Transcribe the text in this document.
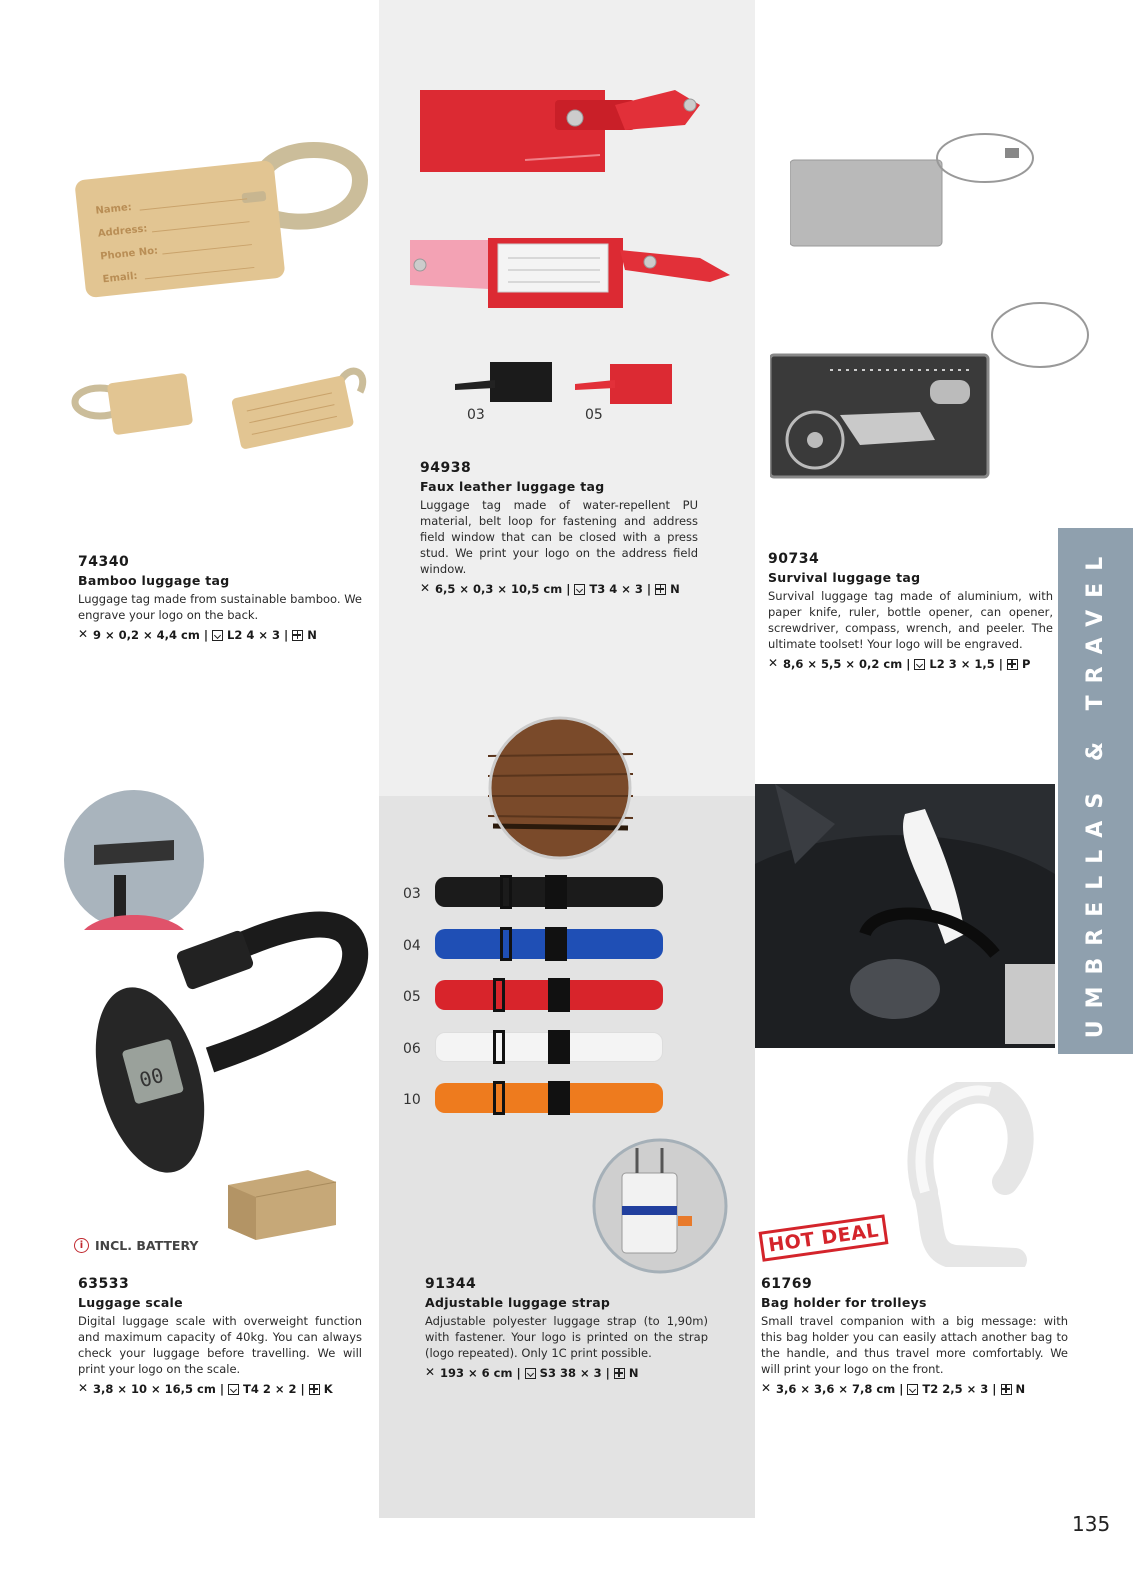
Name:
Address:
Phone No:
Email:
03	05
00
03
04
05
06
10
74340
Bamboo luggage tag
Luggage tag made from sustainable bamboo. We engrave your logo on the back.
✕
9 × 0,2 × 4,4 cm | L2 4 × 3 | N
94938
Faux leather luggage tag
Luggage tag made of water-repellent PU material, belt loop for fastening and address field window that can be closed with a press stud. We print your logo on the address field window.
✕
6,5 × 0,3 × 10,5 cm | T3 4 × 3 | N
90734
Survival luggage tag
Survival luggage tag made of aluminium, with paper knife, ruler, bottle opener, can opener, screwdriver, compass, wrench, and peeler. The ultimate toolset! Your logo will be engraved.
✕
8,6 × 5,5 × 0,2 cm | L2 3 × 1,5 | P
i INCL. BATTERY
63533
Luggage scale
Digital luggage scale with overweight function and maximum capacity of 40kg. You can always check your luggage before travelling. We will print your logo on the scale.
✕
3,8 × 10 × 16,5 cm | T4 2 × 2 | K
91344
Adjustable luggage strap
Adjustable polyester luggage strap (to 1,90m) with fastener. Your logo is printed on the strap (logo repeated). Only 1C print possible.
✕
193 × 6 cm | S3 38 × 3 | N
HOT DEAL
61769
Bag holder for trolleys
Small travel companion with a big message: with this bag holder you can easily attach another bag to the handle, and thus travel more comfortably. We will print your logo on the front.
✕
3,6 × 3,6 × 7,8 cm | T2 2,5 × 3 | N
UMBRELLAS & TRAVEL
135
